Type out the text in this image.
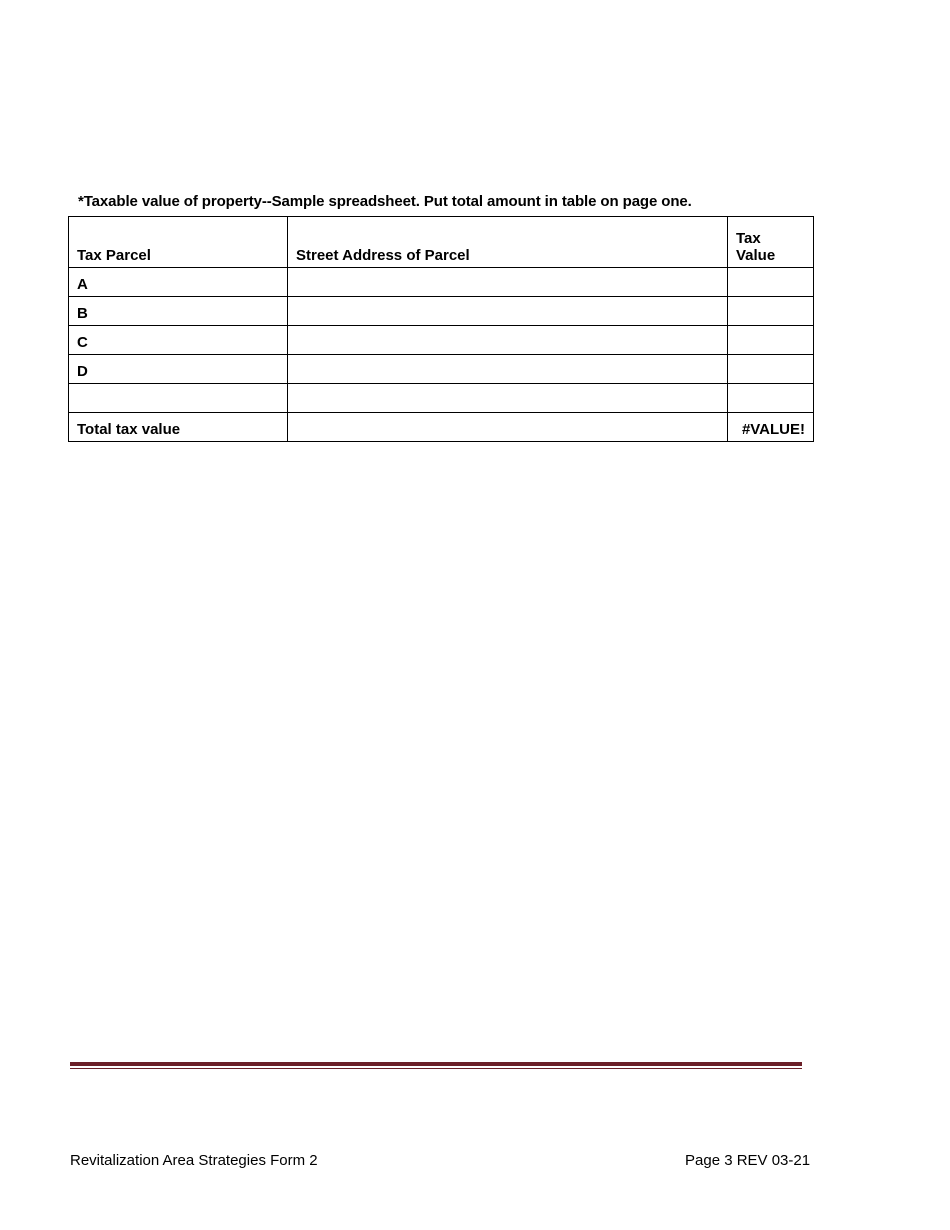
*Taxable value of property--Sample spreadsheet. Put total amount in table on page one.
Tax Parcel	Street Address of Parcel	Tax
Value
A		
B		
C		
D		

Total tax value		#VALUE!
Revitalization Area Strategies Form 2	Page 3 REV 03-21
